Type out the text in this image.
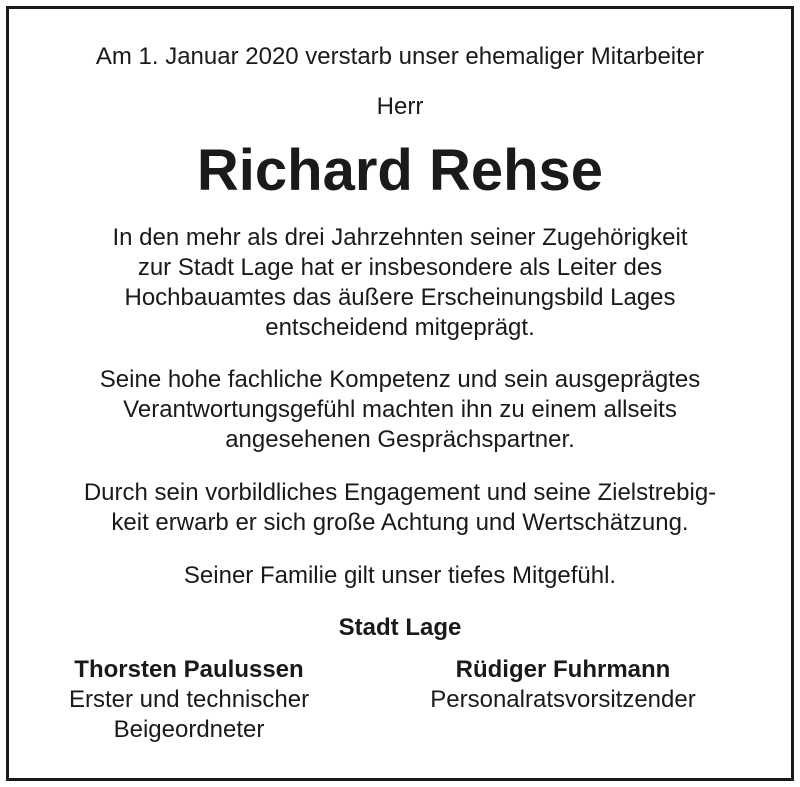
Am 1. Januar 2020 verstarb unser ehemaliger Mitarbeiter
Herr
Richard Rehse
In den mehr als drei Jahrzehnten seiner Zugehörigkeit
zur Stadt Lage hat er insbesondere als Leiter des
Hochbauamtes das äußere Erscheinungsbild Lages
entscheidend mitgeprägt.
Seine hohe fachliche Kompetenz und sein ausgeprägtes
Verantwortungsgefühl machten ihn zu einem allseits
angesehenen Gesprächspartner.
Durch sein vorbildliches Engagement und seine Zielstrebig-
keit erwarb er sich große Achtung und Wertschätzung.
Seiner Familie gilt unser tiefes Mitgefühl.
Stadt Lage
Thorsten Paulussen
Erster und technischer
Beigeordneter
Rüdiger Fuhrmann
Personalratsvorsitzender
